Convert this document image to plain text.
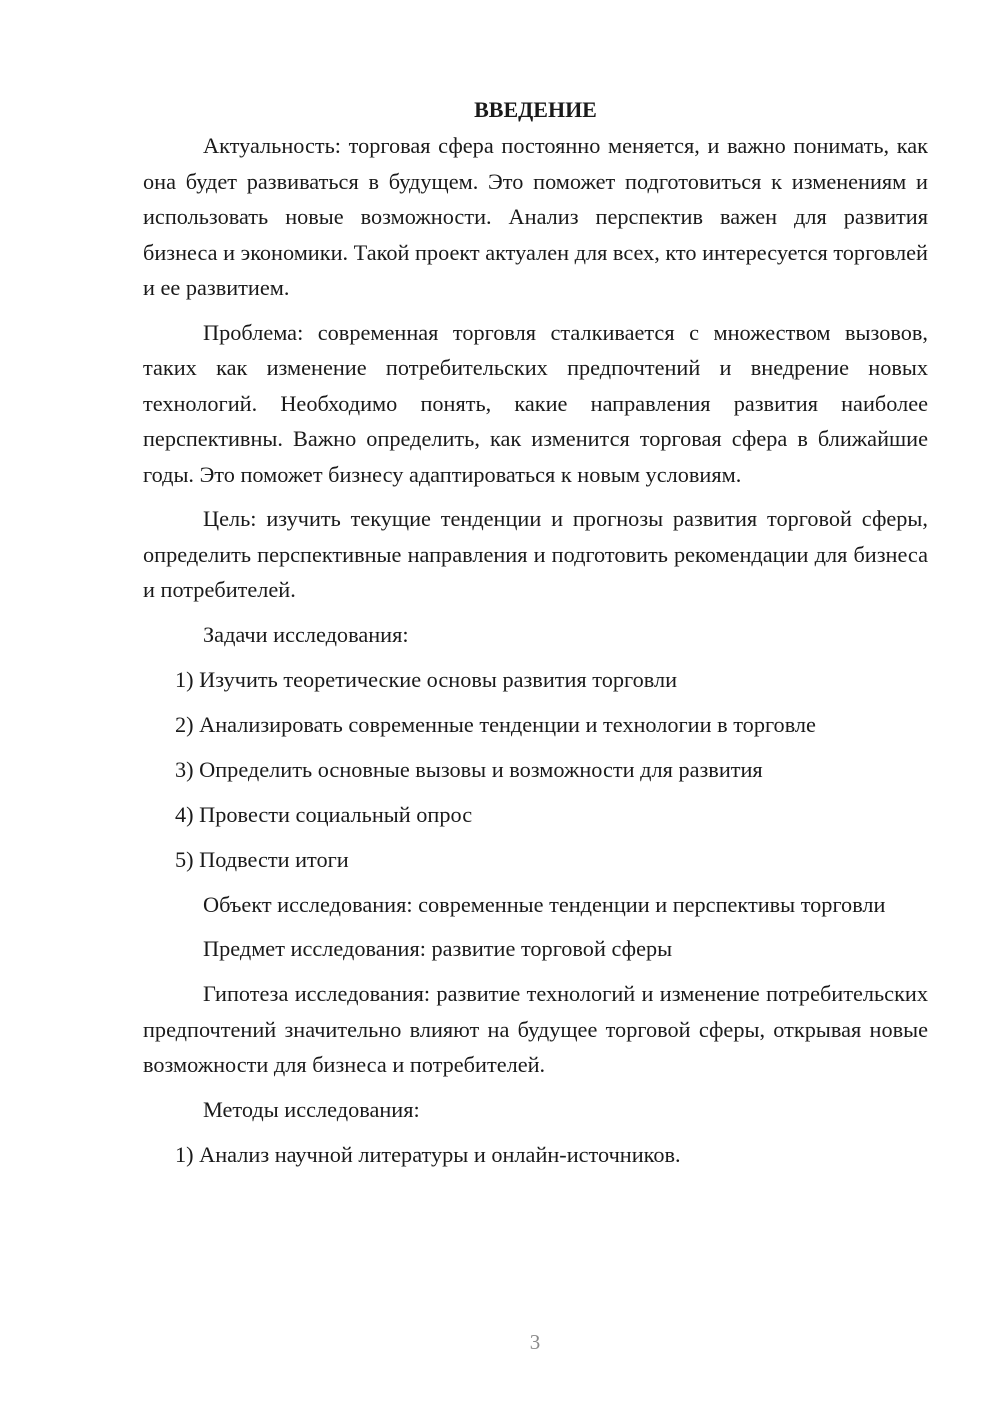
ВВЕДЕНИЕ

Актуальность: торговая сфера постоянно меняется, и важно понимать, как она будет развиваться в будущем. Это поможет подготовиться к изменениям и использовать новые возможности. Анализ перспектив важен для развития бизнеса и экономики. Такой проект актуален для всех, кто интересуется торговлей и ее развитием.

Проблема: современная торговля сталкивается с множеством вызовов, таких как изменение потребительских предпочтений и внедрение новых технологий. Необходимо понять, какие направления развития наиболее перспективны. Важно определить, как изменится торговая сфера в ближайшие годы. Это поможет бизнесу адаптироваться к новым условиям.

Цель: изучить текущие тенденции и прогнозы развития торговой сферы, определить перспективные направления и подготовить рекомендации для бизнеса и потребителей.

Задачи исследования:

1) Изучить теоретические основы развития торговли

2) Анализировать современные тенденции и технологии в торговле

3) Определить основные вызовы и возможности для развития

4) Провести социальный опрос

5) Подвести итоги

Объект исследования: современные тенденции и перспективы торговли

Предмет исследования: развитие торговой сферы

Гипотеза исследования: развитие технологий и изменение потребительских предпочтений значительно влияют на будущее торговой сферы, открывая новые возможности для бизнеса и потребителей.

Методы исследования:

1) Анализ научной литературы и онлайн-источников.

3
